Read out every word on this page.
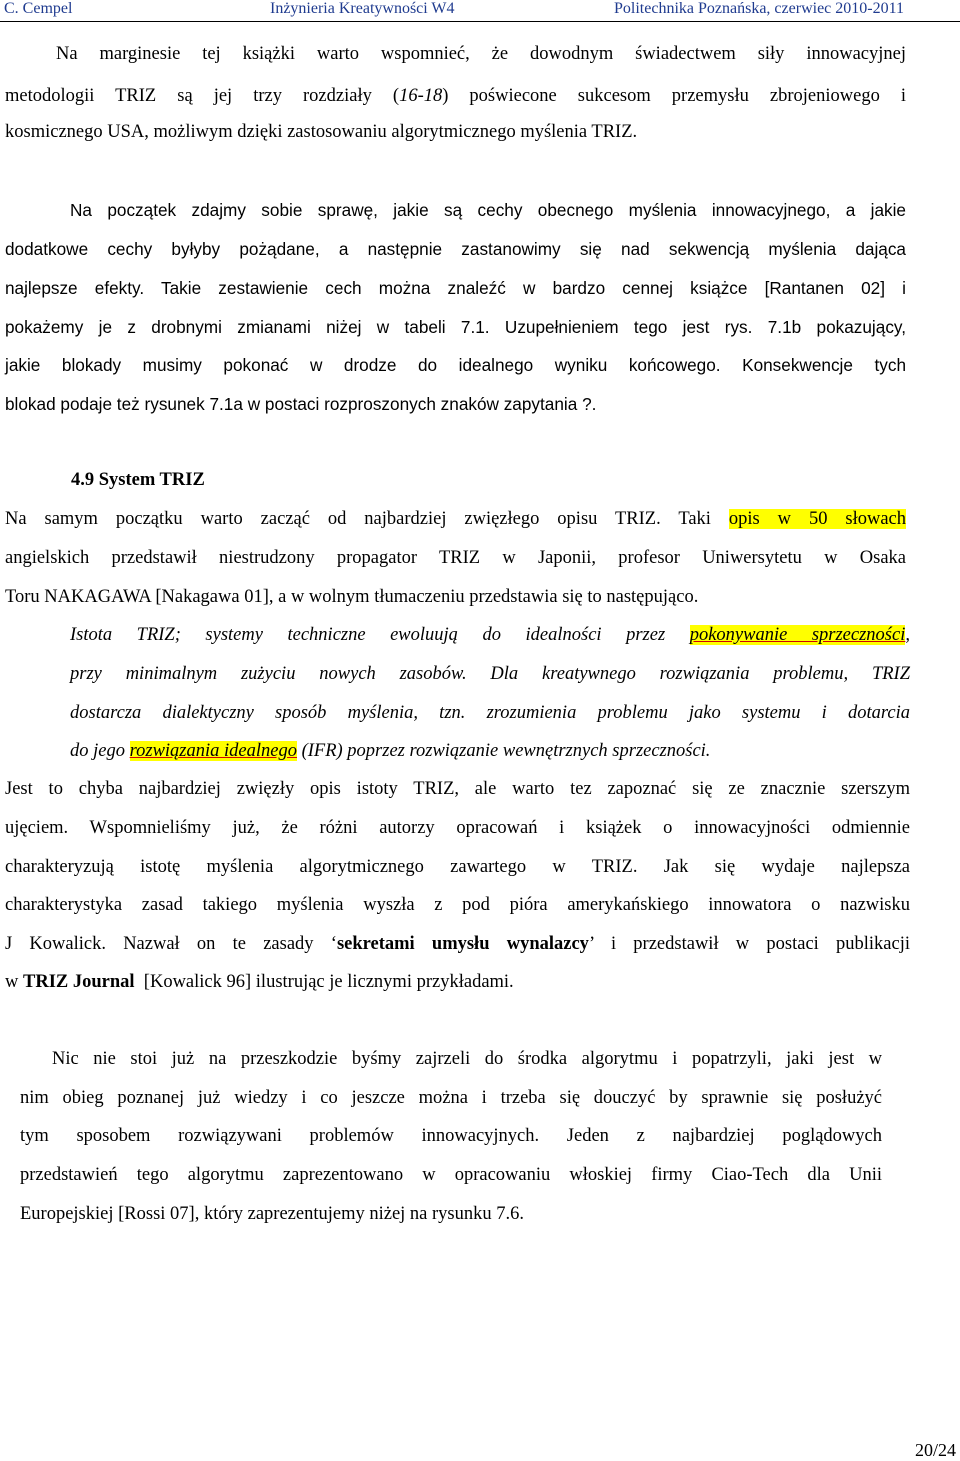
C. Cempel	Inżynieria Kreatywności W4	Politechnika Poznańska, czerwiec 2010-2011
Na marginesie tej książki warto wspomnieć, że dowodnym świadectwem siły innowacyjnej
metodologii TRIZ są jej trzy rozdziały (16-18) poświecone sukcesom przemysłu zbrojeniowego i
kosmicznego USA, możliwym dzięki zastosowaniu algorytmicznego myślenia TRIZ.
Na początek zdajmy sobie sprawę, jakie są cechy obecnego myślenia innowacyjnego, a jakie
dodatkowe cechy byłyby pożądane, a następnie zastanowimy się nad sekwencją myślenia dająca
najlepsze efekty. Takie zestawienie cech można znaleźć w bardzo cennej książce [Rantanen 02] i
pokażemy je z drobnymi zmianami niżej w tabeli 7.1. Uzupełnieniem tego jest rys. 7.1b pokazujący,
jakie blokady musimy pokonać w drodze do idealnego wyniku końcowego. Konsekwencje tych
blokad podaje też rysunek 7.1a w postaci rozproszonych znaków zapytania ?.
4.9 System TRIZ
Na samym początku warto zacząć od najbardziej zwięzłego opisu TRIZ. Taki opis w 50 słowach
angielskich przedstawił niestrudzony propagator TRIZ w Japonii, profesor Uniwersytetu w Osaka
Toru NAKAGAWA [Nakagawa 01], a w wolnym tłumaczeniu przedstawia się to następująco.
Istota TRIZ; systemy techniczne ewoluują do idealności przez pokonywanie sprzeczności,
przy minimalnym zużyciu nowych zasobów. Dla kreatywnego rozwiązania problemu, TRIZ
dostarcza dialektyczny sposób myślenia, tzn. zrozumienia problemu jako systemu i dotarcia
do jego rozwiązania idealnego (IFR) poprzez rozwiązanie wewnętrznych sprzeczności.
Jest to chyba najbardziej zwięzły opis istoty TRIZ, ale warto tez zapoznać się ze znacznie szerszym
ujęciem. Wspomnieliśmy już, że różni autorzy opracowań i książek o innowacyjności odmiennie
charakteryzują istotę myślenia algorytmicznego zawartego w TRIZ. Jak się wydaje najlepsza
charakterystyka zasad takiego myślenia wyszła z pod pióra amerykańskiego innowatora o nazwisku
J Kowalick. Nazwał on te zasady ‘sekretami umysłu wynalazcy’ i przedstawił w postaci publikacji
w TRIZ Journal  [Kowalick 96] ilustrując je licznymi przykładami.
Nic nie stoi już na przeszkodzie byśmy zajrzeli do środka algorytmu i popatrzyli, jaki jest w
nim obieg poznanej już wiedzy i co jeszcze można i trzeba się douczyć by sprawnie się posłużyć
tym sposobem rozwiązywani problemów innowacyjnych. Jeden z najbardziej poglądowych
przedstawień tego algorytmu zaprezentowano w opracowaniu włoskiej firmy Ciao-Tech dla Unii
Europejskiej [Rossi 07], który zaprezentujemy niżej na rysunku 7.6.
20/24
